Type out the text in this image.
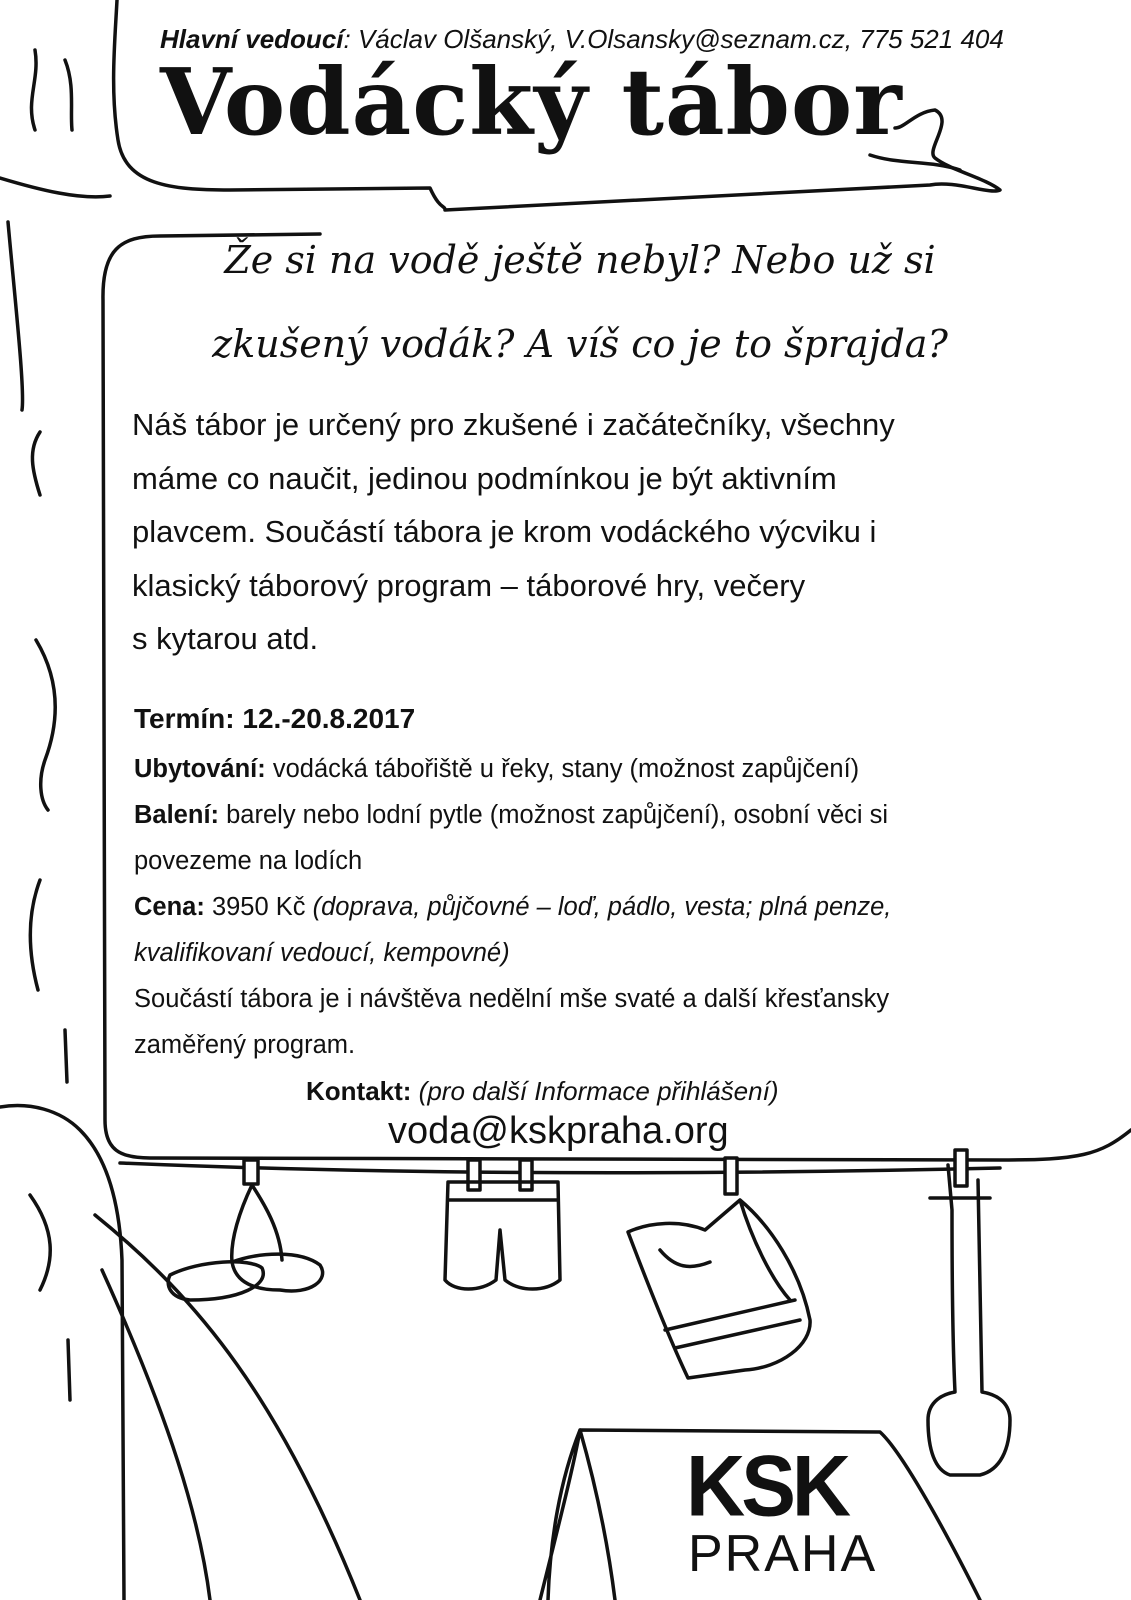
Hlavní vedoucí: Václav Olšanský, V.Olsansky@seznam.cz, 775 521 404
Vodácký tábor
Že si na vodě ještě nebyl? Nebo už si
zkušený vodák? A víš co je to šprajda?

Náš tábor je určený pro zkušené i začátečníky, všechny

máme co naučit, jedinou podmínkou je být aktivním

plavcem. Součástí tábora je krom vodáckého výcviku i

klasický táborový program – táborové hry, večery

s kytarou atd.

Termín: 12.-20.8.2017
Ubytování: vodácká tábořiště u řeky, stany (možnost zapůjčení)
Balení: barely nebo lodní pytle (možnost zapůjčení), osobní věci si
povezeme na lodích
Cena: 3950 Kč (doprava, půjčovné – loď, pádlo, vesta; plná penze,
kvalifikovaní vedoucí, kempovné)
Součástí tábora je i návštěva nedělní mše svaté a další křesťansky
zaměřený program.
Kontakt: (pro další Informace přihlášení)
voda@kskpraha.org
KSK
PRAHA
